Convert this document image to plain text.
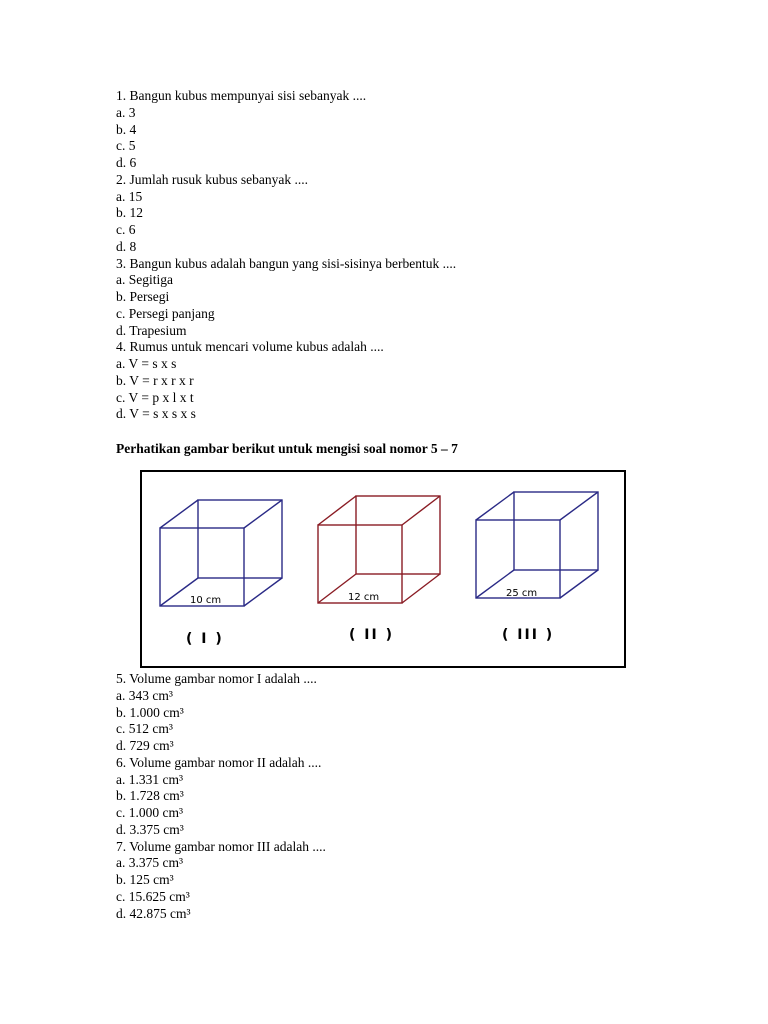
1. Bangun kubus mempunyai sisi sebanyak ....
a. 3
b. 4
c. 5
d. 6
2. Jumlah rusuk kubus sebanyak ....
a. 15
b. 12
c. 6
d. 8
3. Bangun kubus adalah bangun yang sisi-sisinya berbentuk ....
a. Segitiga
b. Persegi
c. Persegi panjang
d. Trapesium
4. Rumus untuk mencari volume kubus adalah ....
a. V = s x s
b. V = r x r x r
c. V = p x l x t
d. V = s x s x s
Perhatikan gambar berikut untuk mengisi soal nomor 5 – 7
10 cm
( I )
12 cm
( II )
25 cm
( III )
5. Volume gambar nomor I adalah ....
a. 343 cm³
b. 1.000 cm³
c. 512 cm³
d. 729 cm³
6. Volume gambar nomor II adalah ....
a. 1.331 cm³
b. 1.728 cm³
c. 1.000 cm³
d. 3.375 cm³
7. Volume gambar nomor III adalah ....
a. 3.375 cm³
b. 125 cm³
c. 15.625 cm³
d. 42.875 cm³
